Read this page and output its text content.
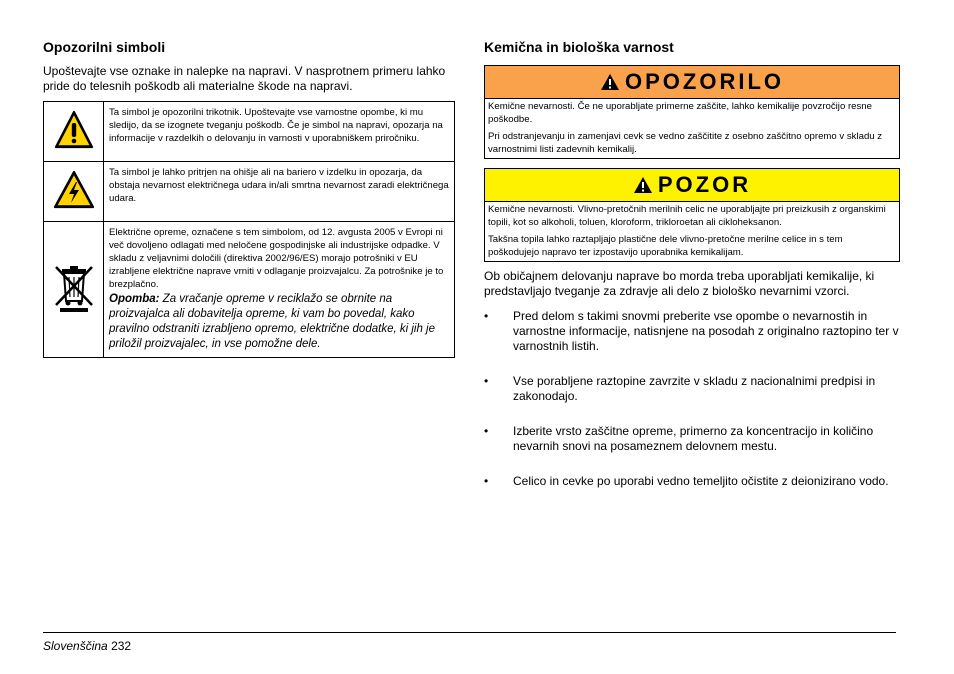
Opozorilni simboli
Upoštevajte vse oznake in nalepke na napravi. V nasprotnem primeru lahko pride do telesnih poškodb ali materialne škode na napravi.
	Ta simbol je opozorilni trikotnik. Upoštevajte vse varnostne opombe, ki mu sledijo, da se izognete tveganju poškodb. Če je simbol na napravi, opozarja na informacije v razdelkih o delovanju in varnosti v uporabniškem priročniku.
	Ta simbol je lahko pritrjen na ohišje ali na bariero v izdelku in opozarja, da obstaja nevarnost električnega udara in/ali smrtna nevarnost zaradi električnega udara.

Električne opreme, označene s tem simbolom, od 12. avgusta 2005 v Evropi ni več dovoljeno odlagati med neločene gospodinjske ali industrijske odpadke. V skladu z veljavnimi določili (direktiva 2002/96/ES) morajo potrošniki v EU izrabljene električne naprave vrniti v odlaganje proizvajalcu. Za potrošnike je to brezplačno.
Opomba: Za vračanje opreme v reciklažo se obrnite na proizvajalca ali dobavitelja opreme, ki vam bo povedal, kako pravilno odstraniti izrabljeno opremo, električne dodatke, ki jih je priložil proizvajalec, in vse pomožne dele.
Kemična in biološka varnost
OPOZORILO

Kemične nevarnosti. Če ne uporabljate primerne zaščite, lahko kemikalije povzročijo resne poškodbe.

Pri odstranjevanju in zamenjavi cevk se vedno zaščitite z osebno zaščitno opremo v skladu z varnostnimi listi zadevnih kemikalij.

POZOR

Kemične nevarnosti. Vlivno-pretočnih merilnih celic ne uporabljajte pri preizkusih z organskimi topili, kot so alkoholi, toluen, kloroform, trikloroetan ali cikloheksanon.

Takšna topila lahko raztapljajo plastične dele vlivno-pretočne merilne celice in s tem poškodujejo napravo ter izpostavijo uporabnika kemikalijam.

Ob običajnem delovanju naprave bo morda treba uporabljati kemikalije, ki predstavljajo tveganje za zdravje ali delo z biološko nevarnimi vzorci.
• Pred delom s takimi snovmi preberite vse opombe o nevarnostih in varnostne informacije, natisnjene na posodah z originalno raztopino ter v varnostnih listih.
• Vse porabljene raztopine zavrzite v skladu z nacionalnimi predpisi in zakonodajo.
• Izberite vrsto zaščitne opreme, primerno za koncentracijo in količino nevarnih snovi na posameznem delovnem mestu.
• Celico in cevke po uporabi vedno temeljito očistite z deioniziranо vodo.
Slovenščina 232
